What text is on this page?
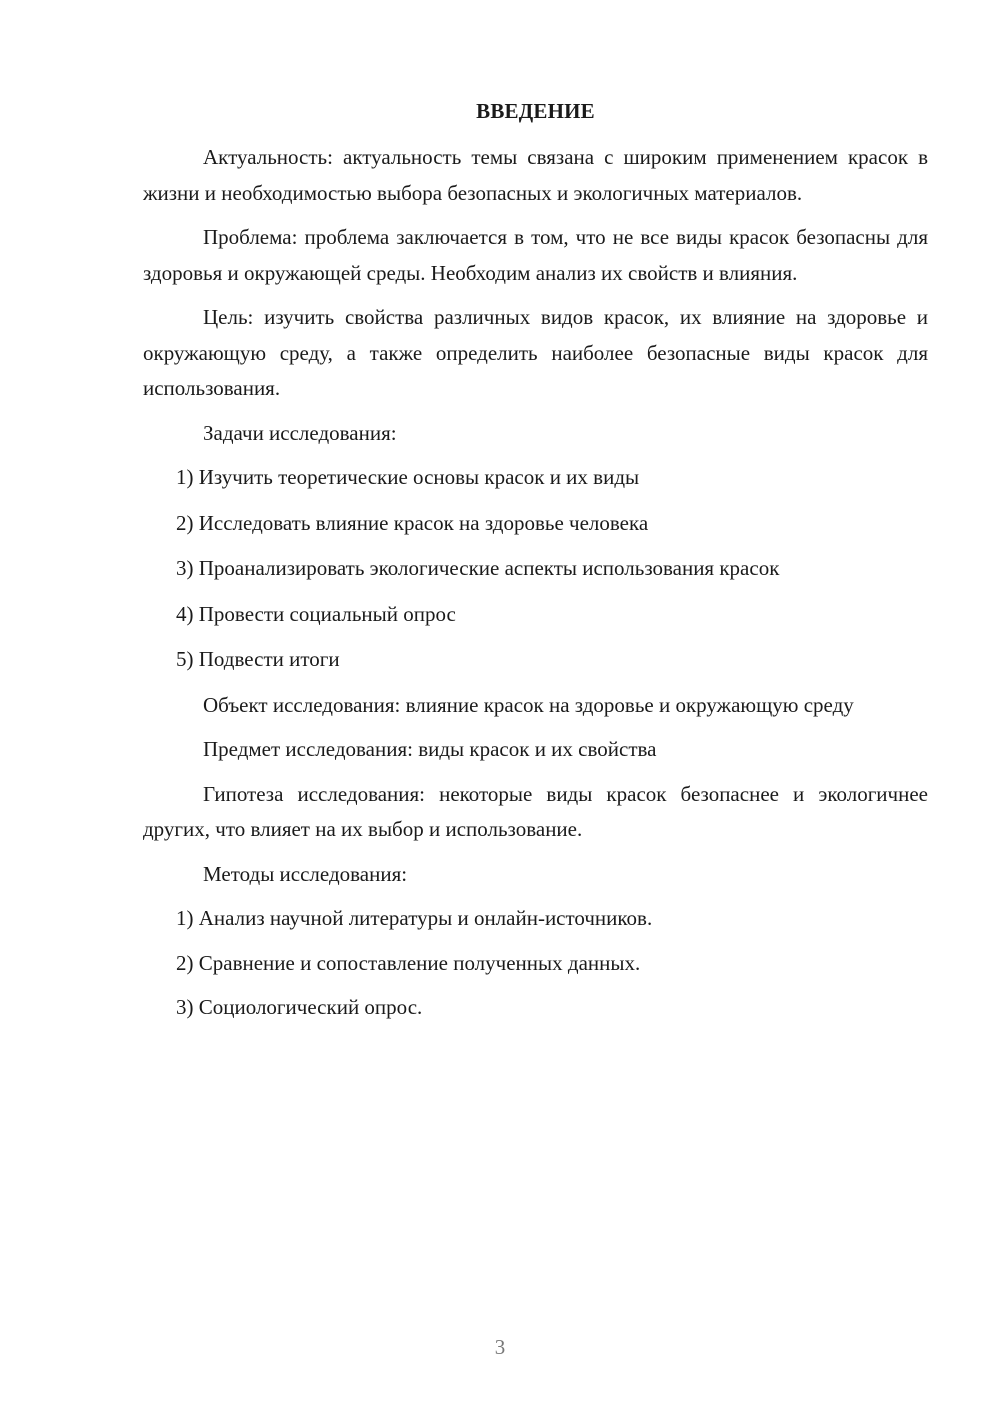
ВВЕДЕНИЕ

Актуальность: актуальность темы связана с широким применением красок в жизни и необходимостью выбора безопасных и экологичных материалов.

Проблема: проблема заключается в том, что не все виды красок безопасны для здоровья и окружающей среды. Необходим анализ их свойств и влияния.

Цель: изучить свойства различных видов красок, их влияние на здоровье и окружающую среду, а также определить наиболее безопасные виды красок для использования.

Задачи исследования:

1) Изучить теоретические основы красок и их виды
2) Исследовать влияние красок на здоровье человека
3) Проанализировать экологические аспекты использования красок
4) Провести социальный опрос
5) Подвести итоги

Объект исследования: влияние красок на здоровье и окружающую среду

Предмет исследования: виды красок и их свойства

Гипотеза исследования: некоторые виды красок безопаснее и экологичнее других, что влияет на их выбор и использование.

Методы исследования:

1) Анализ научной литературы и онлайн-источников.
2) Сравнение и сопоставление полученных данных.
3) Социологический опрос.
3
